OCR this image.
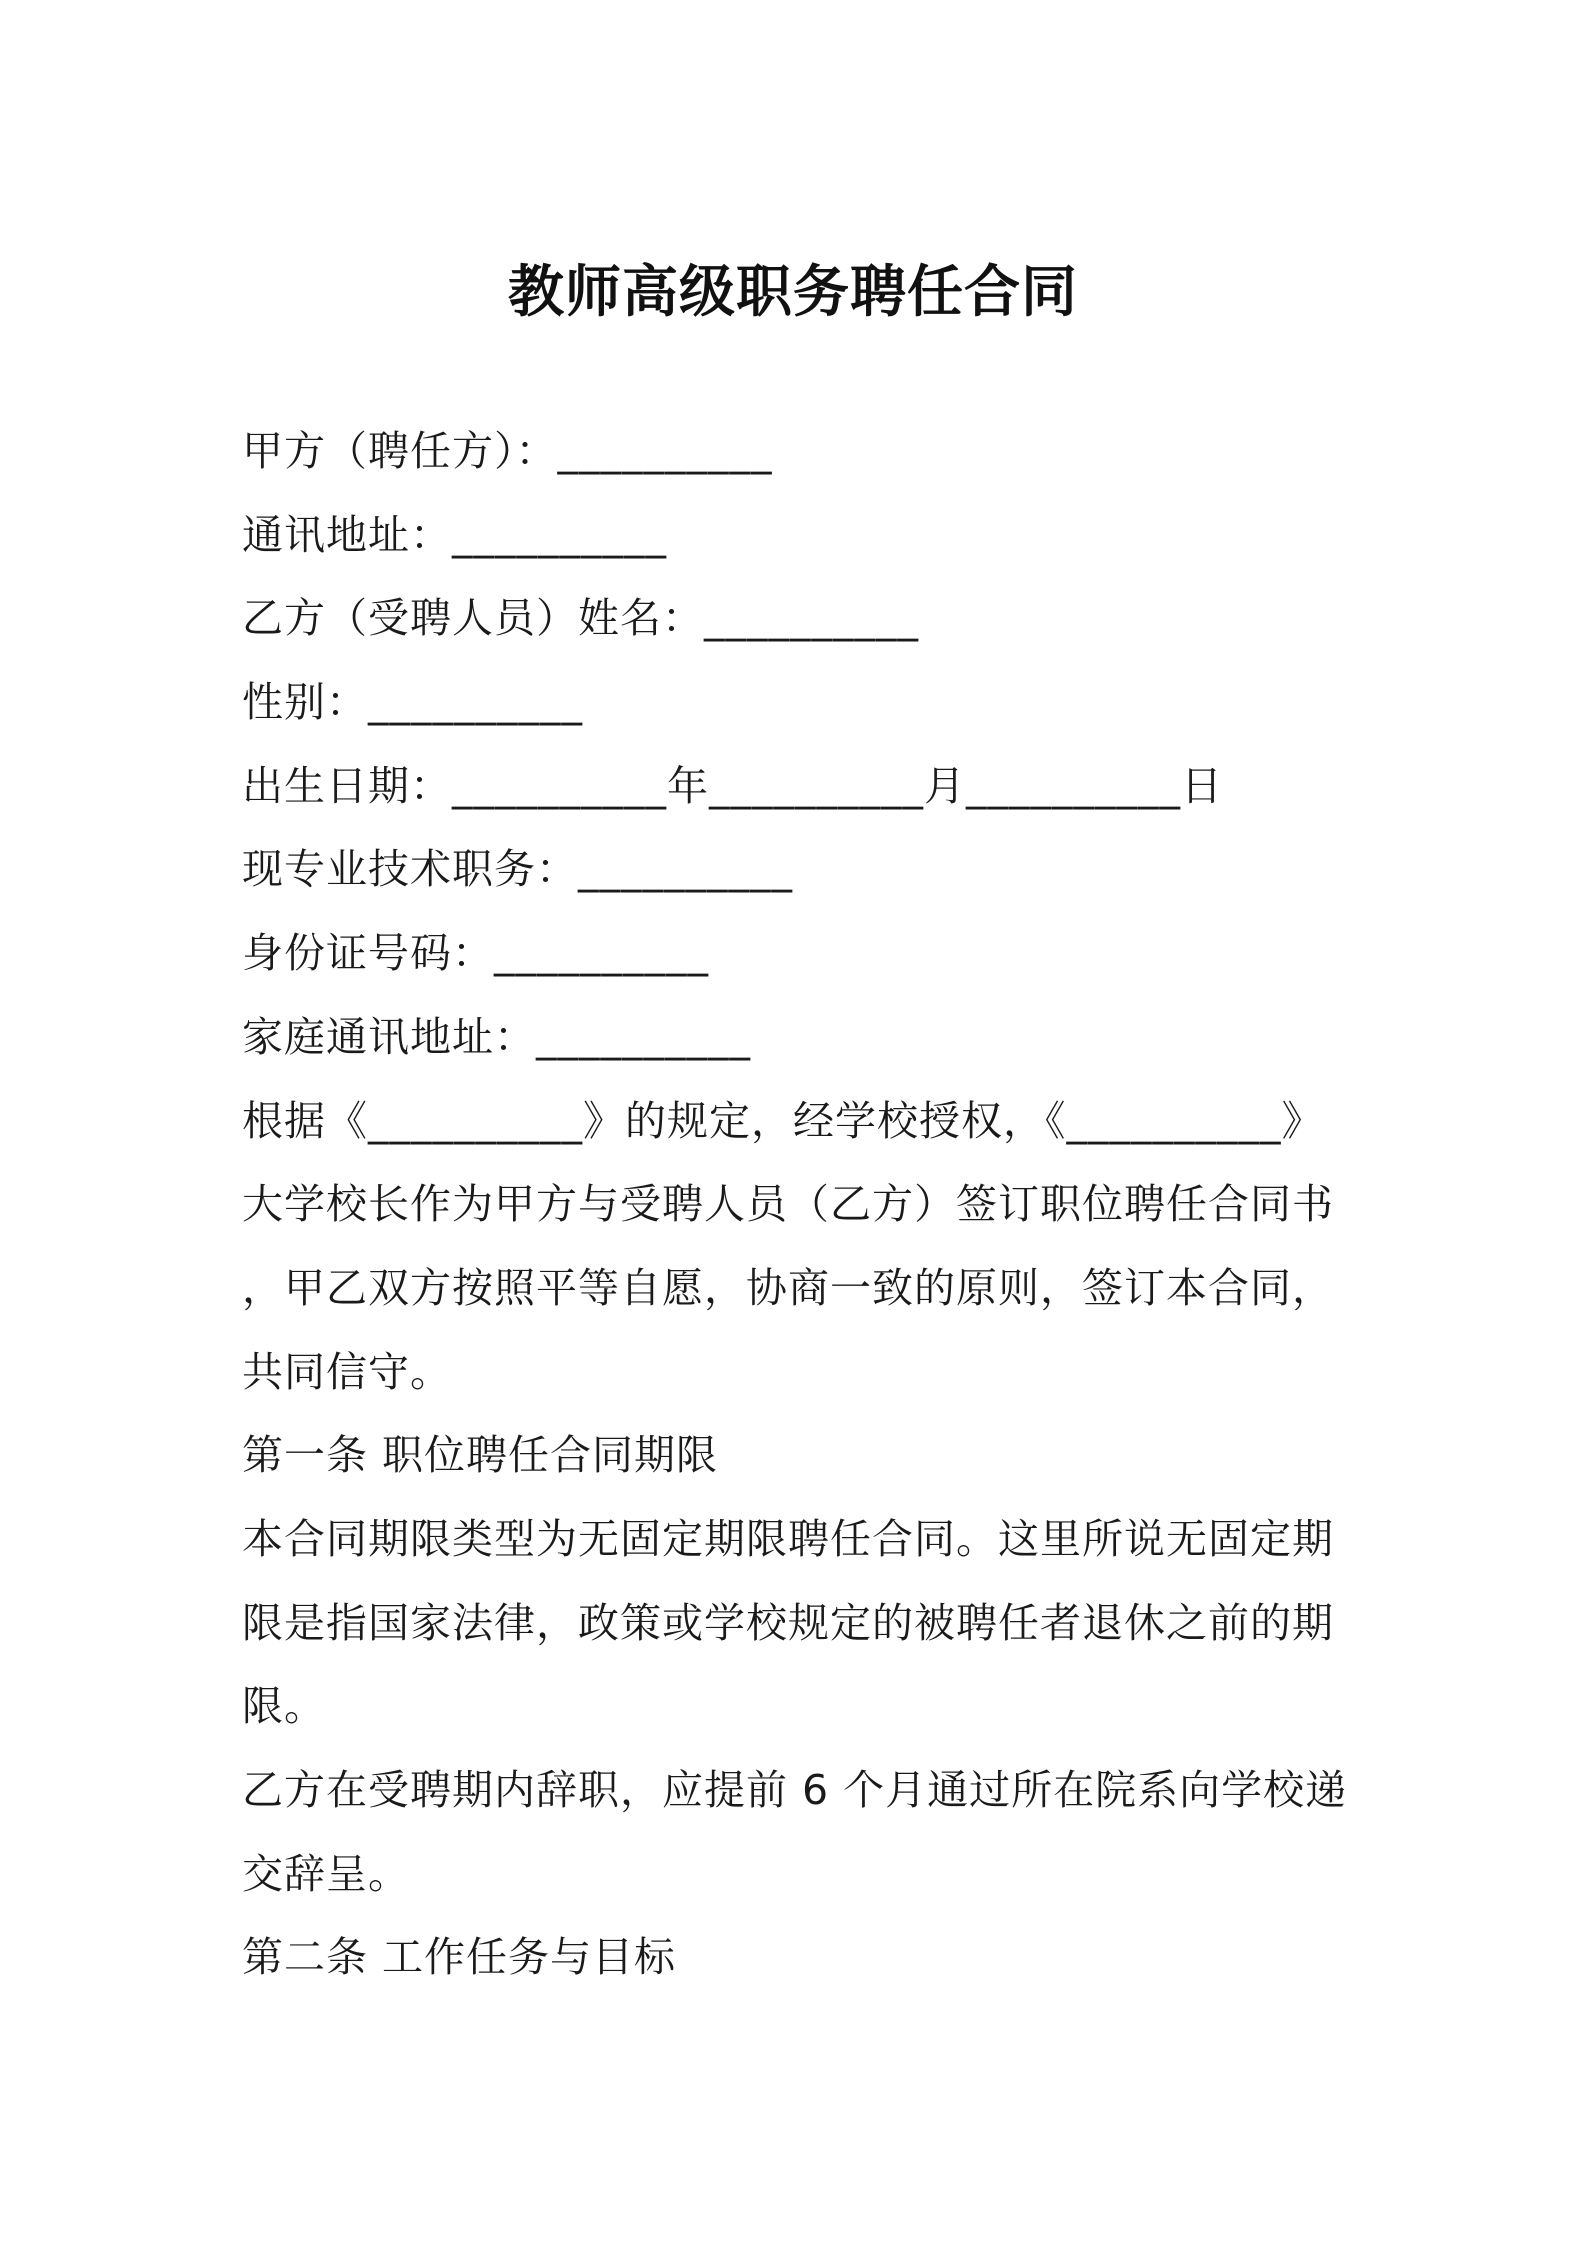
教师高级职务聘任合同
甲方（聘任方）：__________
通讯地址：__________
乙方（受聘人员）姓名：__________
性别：__________
出生日期：__________年__________月__________日
现专业技术职务：__________
身份证号码：__________
家庭通讯地址：__________
根据《__________》的规定，经学校授权，《__________》
大学校长作为甲方与受聘人员（乙方）签订职位聘任合同书
，甲乙双方按照平等自愿，协商一致的原则，签订本合同，
共同信守。
第一条 职位聘任合同期限
本合同期限类型为无固定期限聘任合同。这里所说无固定期
限是指国家法律，政策或学校规定的被聘任者退休之前的期
限。
乙方在受聘期内辞职，应提前 6 个月通过所在院系向学校递
交辞呈。
第二条 工作任务与目标
